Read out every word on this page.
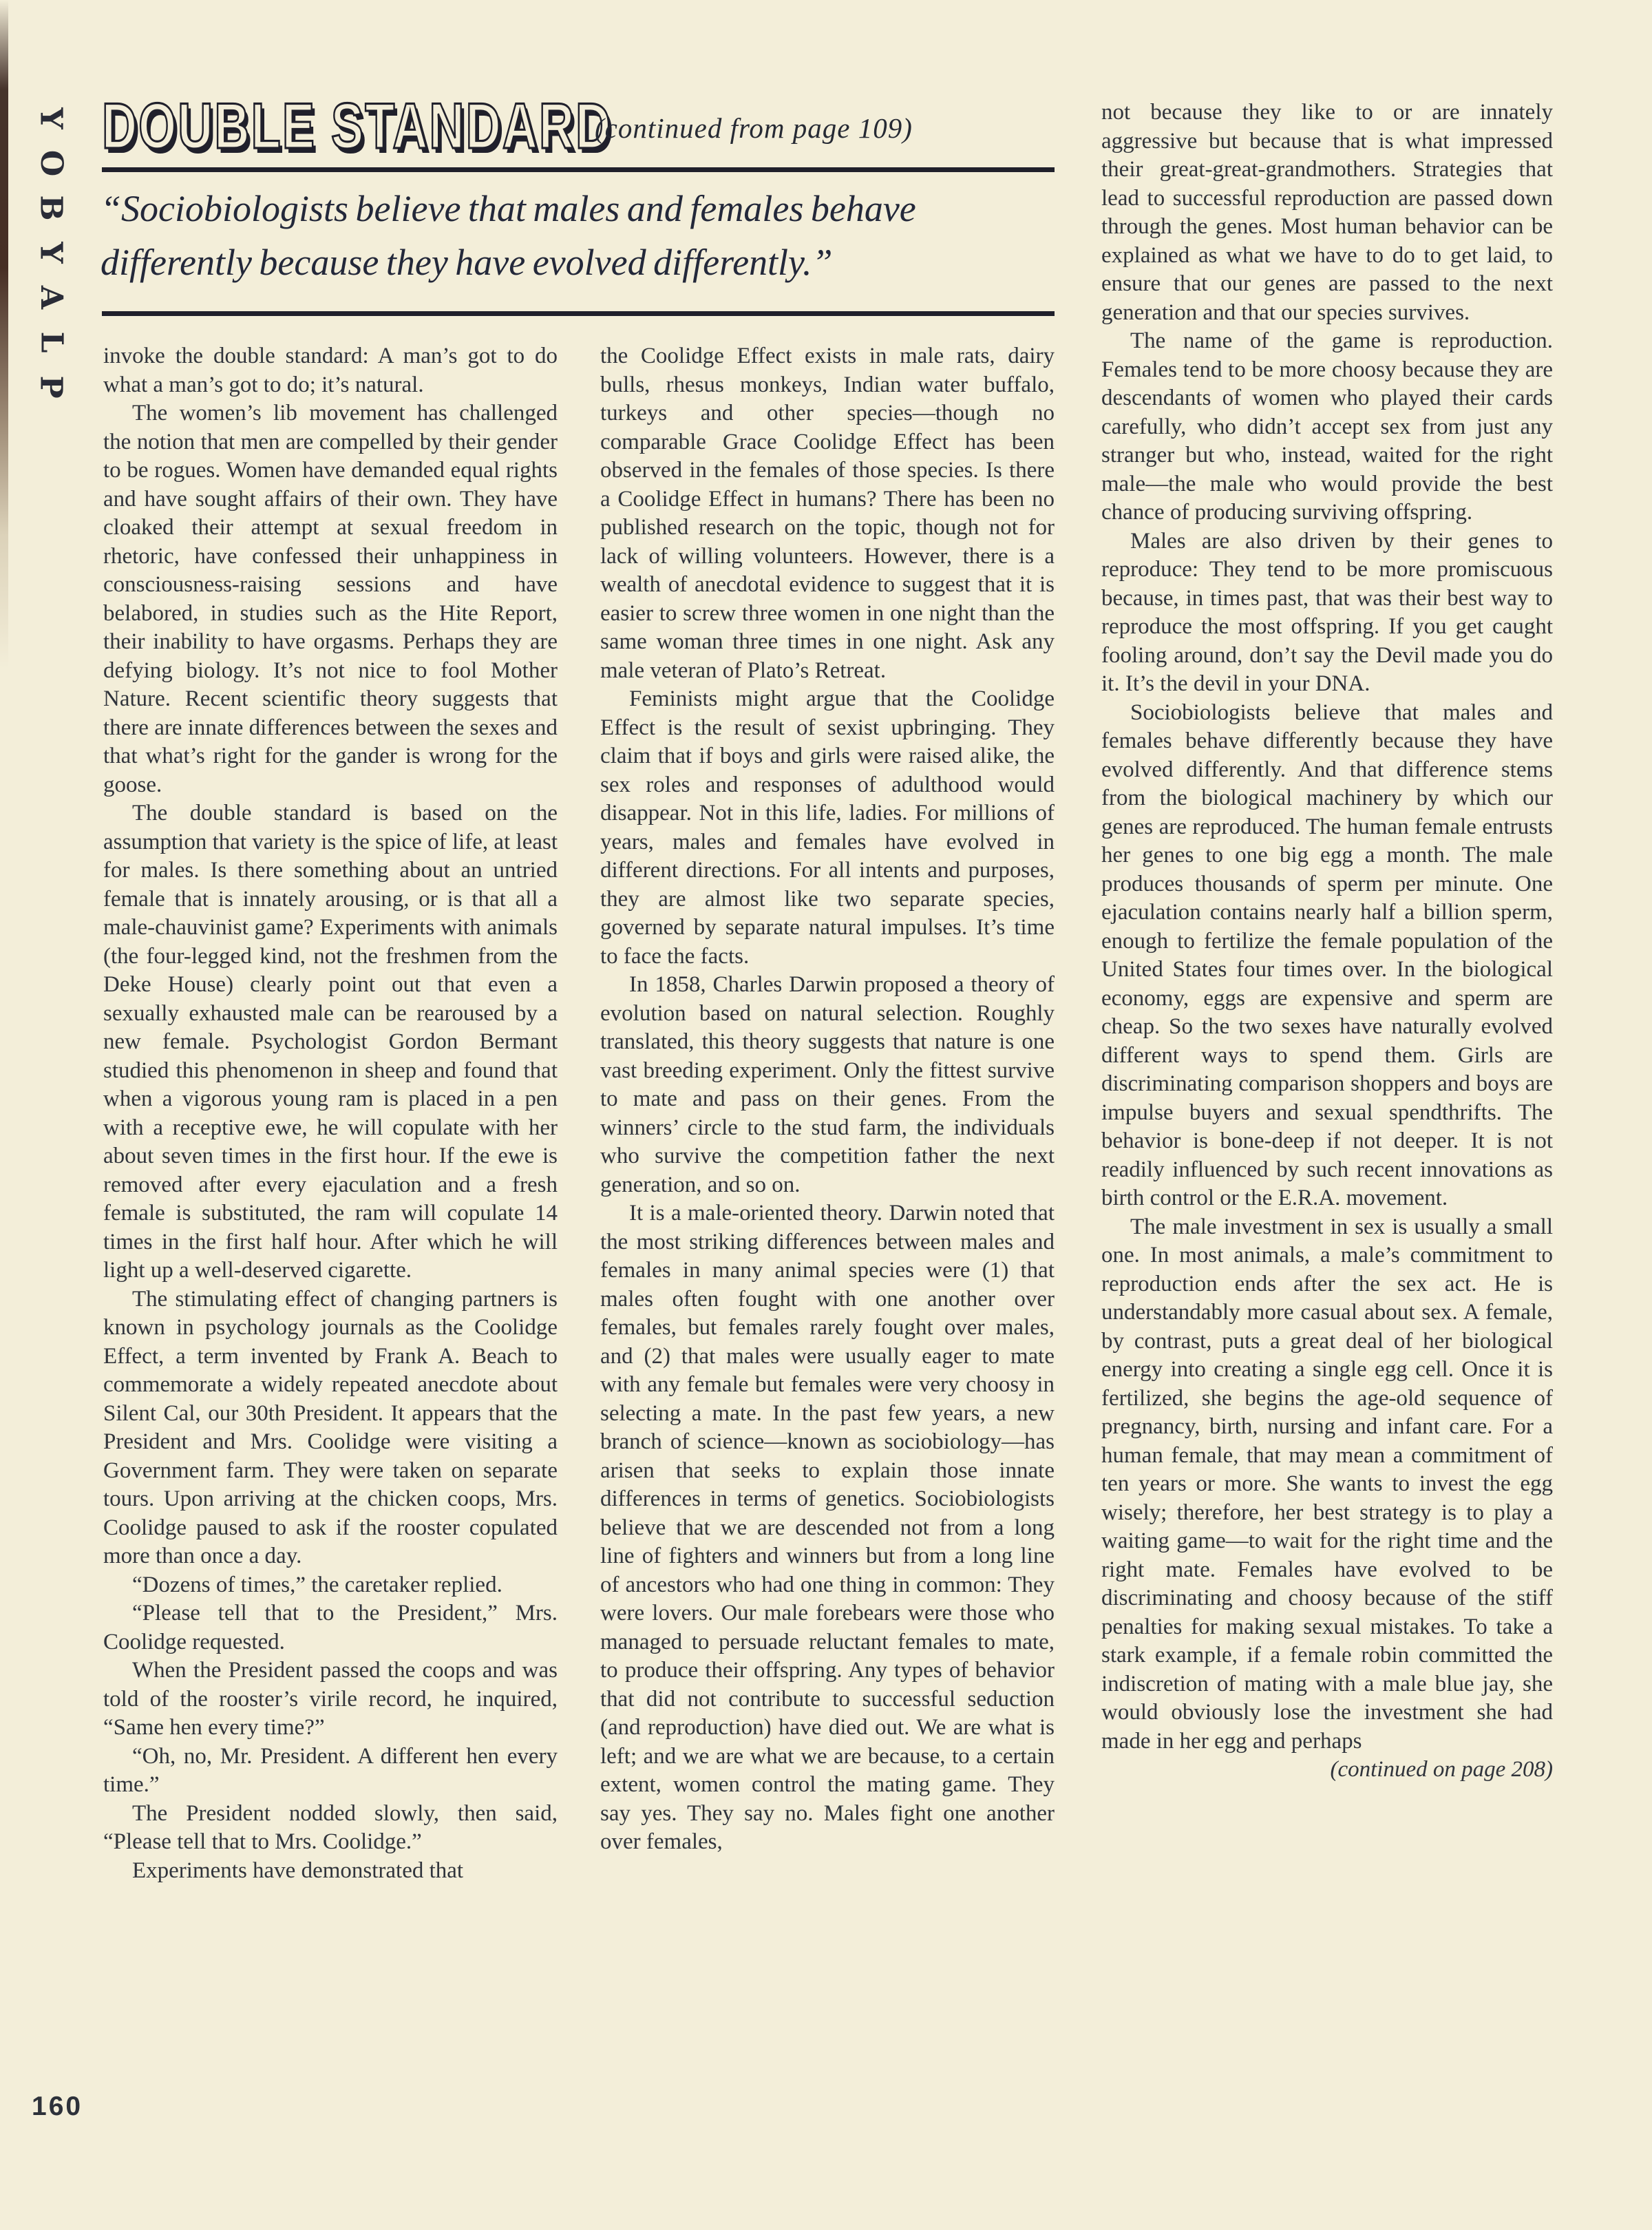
P
L
A
Y
B
O
Y DOUBLE STANDARD
(continued from page 109)
“Sociobiologists believe that males and females behave differently because they have evolved differently.”

invoke the double standard: A man’s got to do what a man’s got to do; it’s natural.

The women’s lib movement has challenged the notion that men are compelled by their gender to be rogues. Women have demanded equal rights and have sought affairs of their own. They have cloaked their attempt at sexual freedom in rhetoric, have confessed their unhappiness in consciousness-raising sessions and have belabored, in studies such as the Hite Report, their inability to have orgasms. Perhaps they are defying biology. It’s not nice to fool Mother Nature. Recent scientific theory suggests that there are innate differences between the sexes and that what’s right for the gander is wrong for the goose.

The double standard is based on the assumption that variety is the spice of life, at least for males. Is there something about an untried female that is innately arousing, or is that all a male-chauvinist game? Experiments with animals (the four-legged kind, not the freshmen from the Deke House) clearly point out that even a sexually exhausted male can be rearoused by a new female. Psychologist Gordon Bermant studied this phenomenon in sheep and found that when a vigorous young ram is placed in a pen with a receptive ewe, he will copulate with her about seven times in the first hour. If the ewe is removed after every ejaculation and a fresh female is substituted, the ram will copulate 14 times in the first half hour. After which he will light up a well-deserved cigarette.

The stimulating effect of changing partners is known in psychology journals as the Coolidge Effect, a term invented by Frank A. Beach to commemorate a widely repeated anecdote about Silent Cal, our 30th President. It appears that the President and Mrs. Coolidge were visiting a Government farm. They were taken on separate tours. Upon arriving at the chicken coops, Mrs. Coolidge paused to ask if the rooster copulated more than once a day.

“Dozens of times,” the caretaker replied.

“Please tell that to the President,” Mrs. Coolidge requested.

When the President passed the coops and was told of the rooster’s virile record, he inquired, “Same hen every time?”

“Oh, no, Mr. President. A different hen every time.”

The President nodded slowly, then said, “Please tell that to Mrs. Coolidge.”

Experiments have demonstrated that

the Coolidge Effect exists in male rats, dairy bulls, rhesus monkeys, Indian water buffalo, turkeys and other species—though no comparable Grace Coolidge Effect has been observed in the females of those species. Is there a Coolidge Effect in humans? There has been no published research on the topic, though not for lack of willing volunteers. However, there is a wealth of anecdotal evidence to suggest that it is easier to screw three women in one night than the same woman three times in one night. Ask any male veteran of Plato’s Retreat.

Feminists might argue that the Coolidge Effect is the result of sexist upbringing. They claim that if boys and girls were raised alike, the sex roles and responses of adulthood would disappear. Not in this life, ladies. For millions of years, males and females have evolved in different directions. For all intents and purposes, they are almost like two separate species, governed by separate natural impulses. It’s time to face the facts.

In 1858, Charles Darwin proposed a theory of evolution based on natural selection. Roughly translated, this theory suggests that nature is one vast breeding experiment. Only the fittest survive to mate and pass on their genes. From the winners’ circle to the stud farm, the individuals who survive the competition father the next generation, and so on.

It is a male-oriented theory. Darwin noted that the most striking differences between males and females in many animal species were (1) that males often fought with one another over females, but females rarely fought over males, and (2) that males were usually eager to mate with any female but females were very choosy in selecting a mate. In the past few years, a new branch of science—known as sociobiology—has arisen that seeks to explain those innate differences in terms of genetics. Sociobiologists believe that we are descended not from a long line of fighters and winners but from a long line of ancestors who had one thing in common: They were lovers. Our male forebears were those who managed to persuade reluctant females to mate, to produce their offspring. Any types of behavior that did not contribute to successful seduction (and reproduction) have died out. We are what is left; and we are what we are because, to a certain extent, women control the mating game. They say yes. They say no. Males fight one another over females,

not because they like to or are innately aggressive but because that is what impressed their great-great-grandmothers. Strategies that lead to successful reproduction are passed down through the genes. Most human behavior can be explained as what we have to do to get laid, to ensure that our genes are passed to the next generation and that our species survives.

The name of the game is reproduction. Females tend to be more choosy because they are descendants of women who played their cards carefully, who didn’t accept sex from just any stranger but who, instead, waited for the right male—the male who would provide the best chance of producing surviving offspring.

Males are also driven by their genes to reproduce: They tend to be more promiscuous because, in times past, that was their best way to reproduce the most offspring. If you get caught fooling around, don’t say the Devil made you do it. It’s the devil in your DNA.

Sociobiologists believe that males and females behave differently because they have evolved differently. And that difference stems from the biological machinery by which our genes are reproduced. The human female entrusts her genes to one big egg a month. The male produces thousands of sperm per minute. One ejaculation contains nearly half a billion sperm, enough to fertilize the female population of the United States four times over. In the biological economy, eggs are expensive and sperm are cheap. So the two sexes have naturally evolved different ways to spend them. Girls are discriminating comparison shoppers and boys are impulse buyers and sexual spendthrifts. The behavior is bone-deep if not deeper. It is not readily influenced by such recent innovations as birth control or the E.R.A. movement.

The male investment in sex is usually a small one. In most animals, a male’s commitment to reproduction ends after the sex act. He is understandably more casual about sex. A female, by contrast, puts a great deal of her biological energy into creating a single egg cell. Once it is fertilized, she begins the age-old sequence of pregnancy, birth, nursing and infant care. For a human female, that may mean a commitment of ten years or more. She wants to invest the egg wisely; therefore, her best strategy is to play a waiting game—to wait for the right time and the right mate. Females have evolved to be discriminating and choosy because of the stiff penalties for making sexual mistakes. To take a stark example, if a female robin committed the indiscretion of mating with a male blue jay, she would obviously lose the investment she had made in her egg and perhaps

(continued on page 208)

160
